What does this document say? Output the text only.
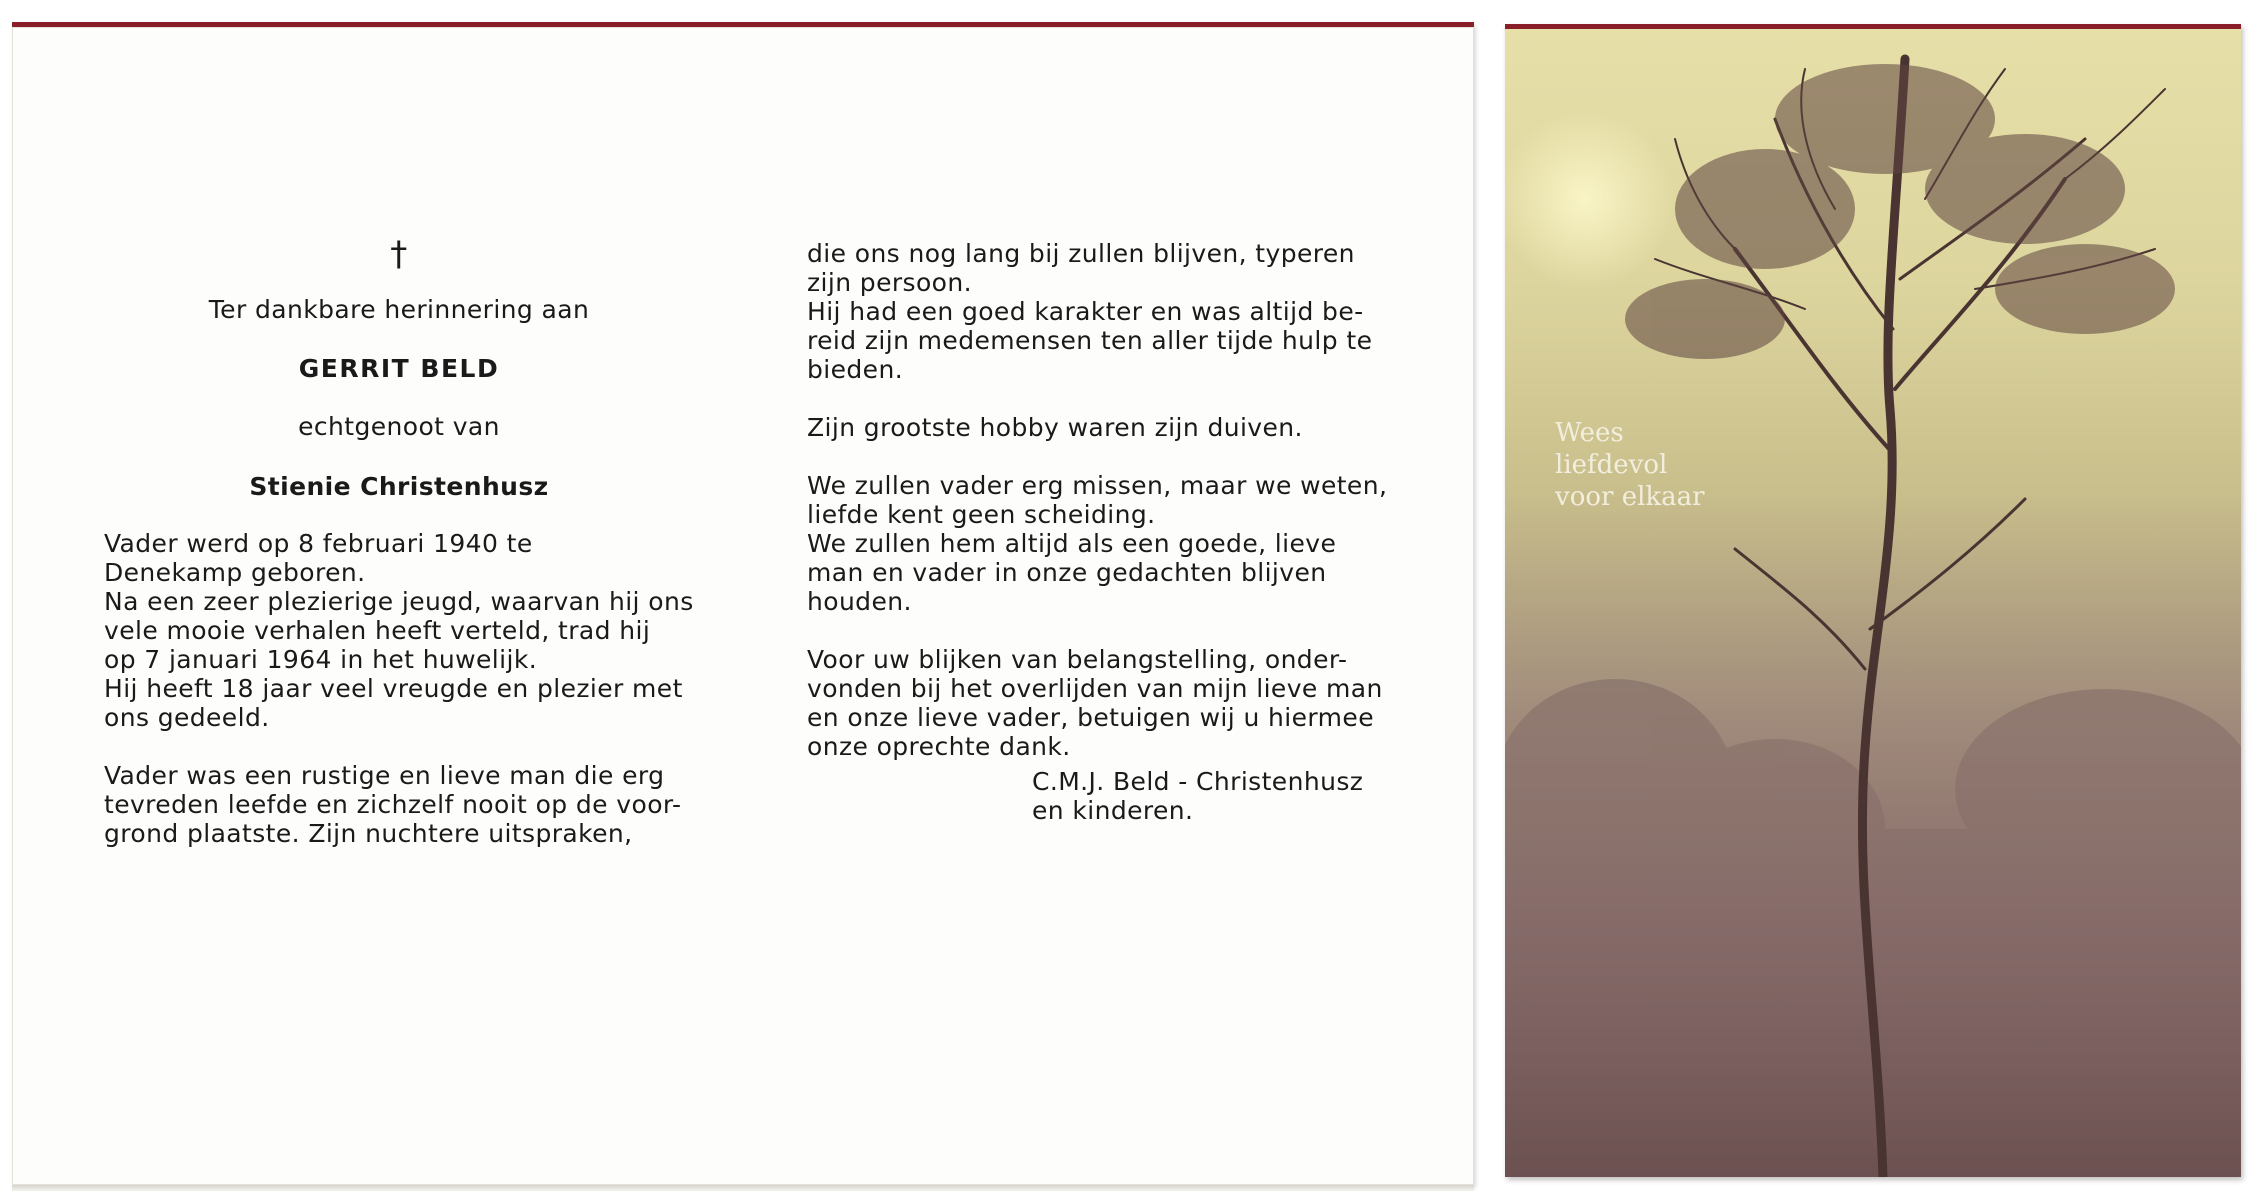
†
Ter dankbare herinnering aan
GERRIT BELD
echtgenoot van
Stienie Christenhusz
Vader werd op 8 februari 1940 te
Denekamp geboren.
Na een zeer plezierige jeugd, waarvan hij ons
vele mooie verhalen heeft verteld, trad hij
op 7 januari 1964 in het huwelijk.
Hij heeft 18 jaar veel vreugde en plezier met
ons gedeeld.
Vader was een rustige en lieve man die erg
tevreden leefde en zichzelf nooit op de voor-
grond plaatste. Zijn nuchtere uitspraken,
die ons nog lang bij zullen blijven, typeren
zijn persoon.
Hij had een goed karakter en was altijd be-
reid zijn medemensen ten aller tijde hulp te
bieden.
Zijn grootste hobby waren zijn duiven.
We zullen vader erg missen, maar we weten,
liefde kent geen scheiding.
We zullen hem altijd als een goede, lieve
man en vader in onze gedachten blijven
houden.
Voor uw blijken van belangstelling, onder-
vonden bij het overlijden van mijn lieve man
en onze lieve vader, betuigen wij u hiermee
onze oprechte dank.
C.M.J. Beld - Christenhusz
en kinderen.
Wees
liefdevol
voor elkaar
